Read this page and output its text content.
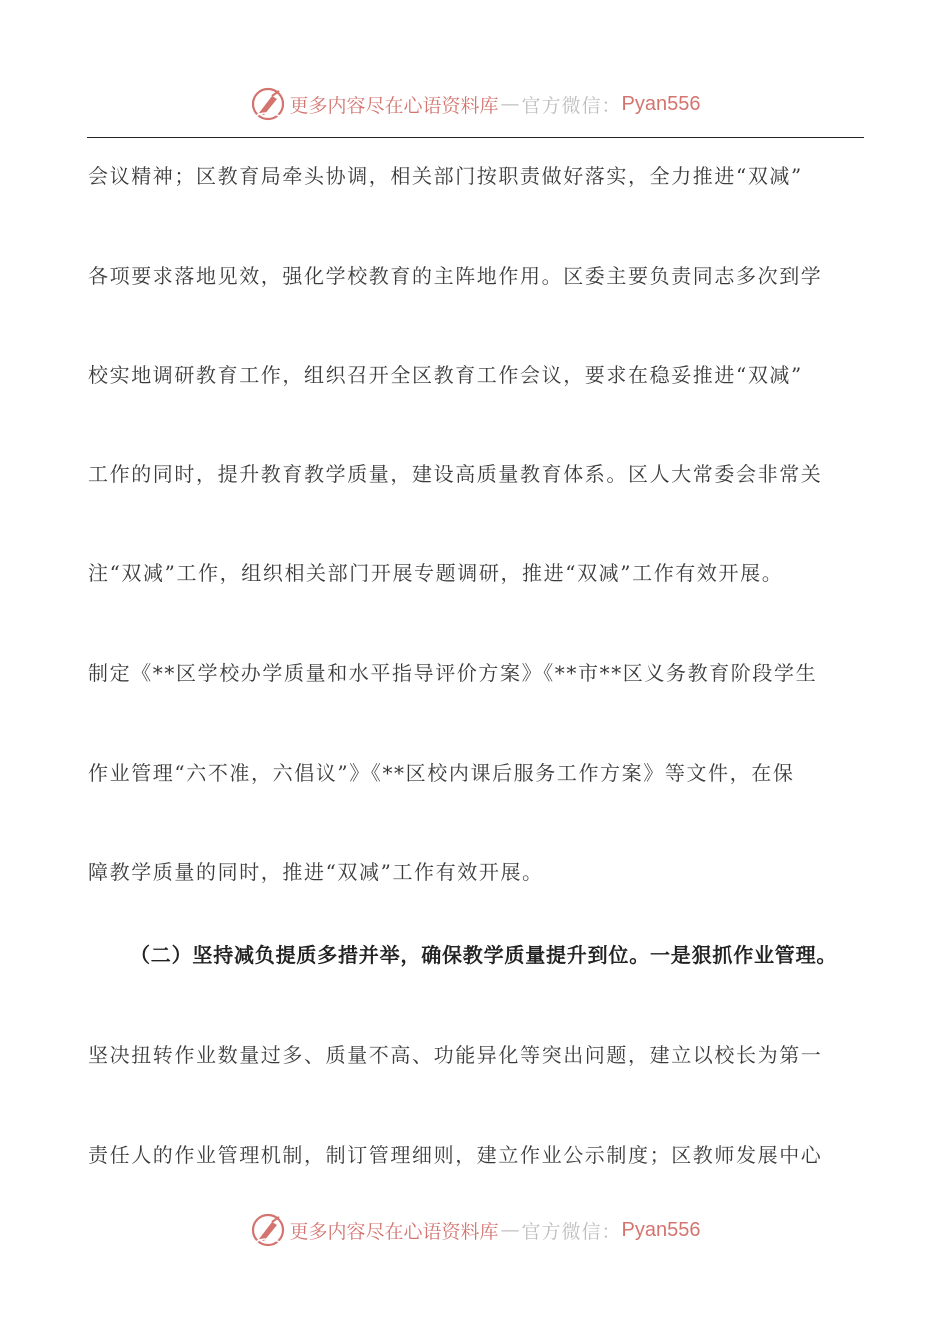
更多内容尽在心语资料库 — 官方微信： Pyan556
会议精神；区教育局牵头协调，相关部门按职责做好落实，全力推进“双减”
各项要求落地见效，强化学校教育的主阵地作用。区委主要负责同志多次到学
校实地调研教育工作，组织召开全区教育工作会议，要求在稳妥推进“双减”
工作的同时，提升教育教学质量，建设高质量教育体系。区人大常委会非常关
注“双减”工作，组织相关部门开展专题调研，推进“双减”工作有效开展。
制定《**区学校办学质量和水平指导评价方案》《**市**区义务教育阶段学生
作业管理“六不准，六倡议”》《**区校内课后服务工作方案》等文件，在保
障教学质量的同时，推进“双减”工作有效开展。
（二）坚持减负提质多措并举，确保教学质量提升到位。一是狠抓作业管理。
坚决扭转作业数量过多、质量不高、功能异化等突出问题，建立以校长为第一
责任人的作业管理机制，制订管理细则，建立作业公示制度；区教师发展中心
更多内容尽在心语资料库 — 官方微信： Pyan556
